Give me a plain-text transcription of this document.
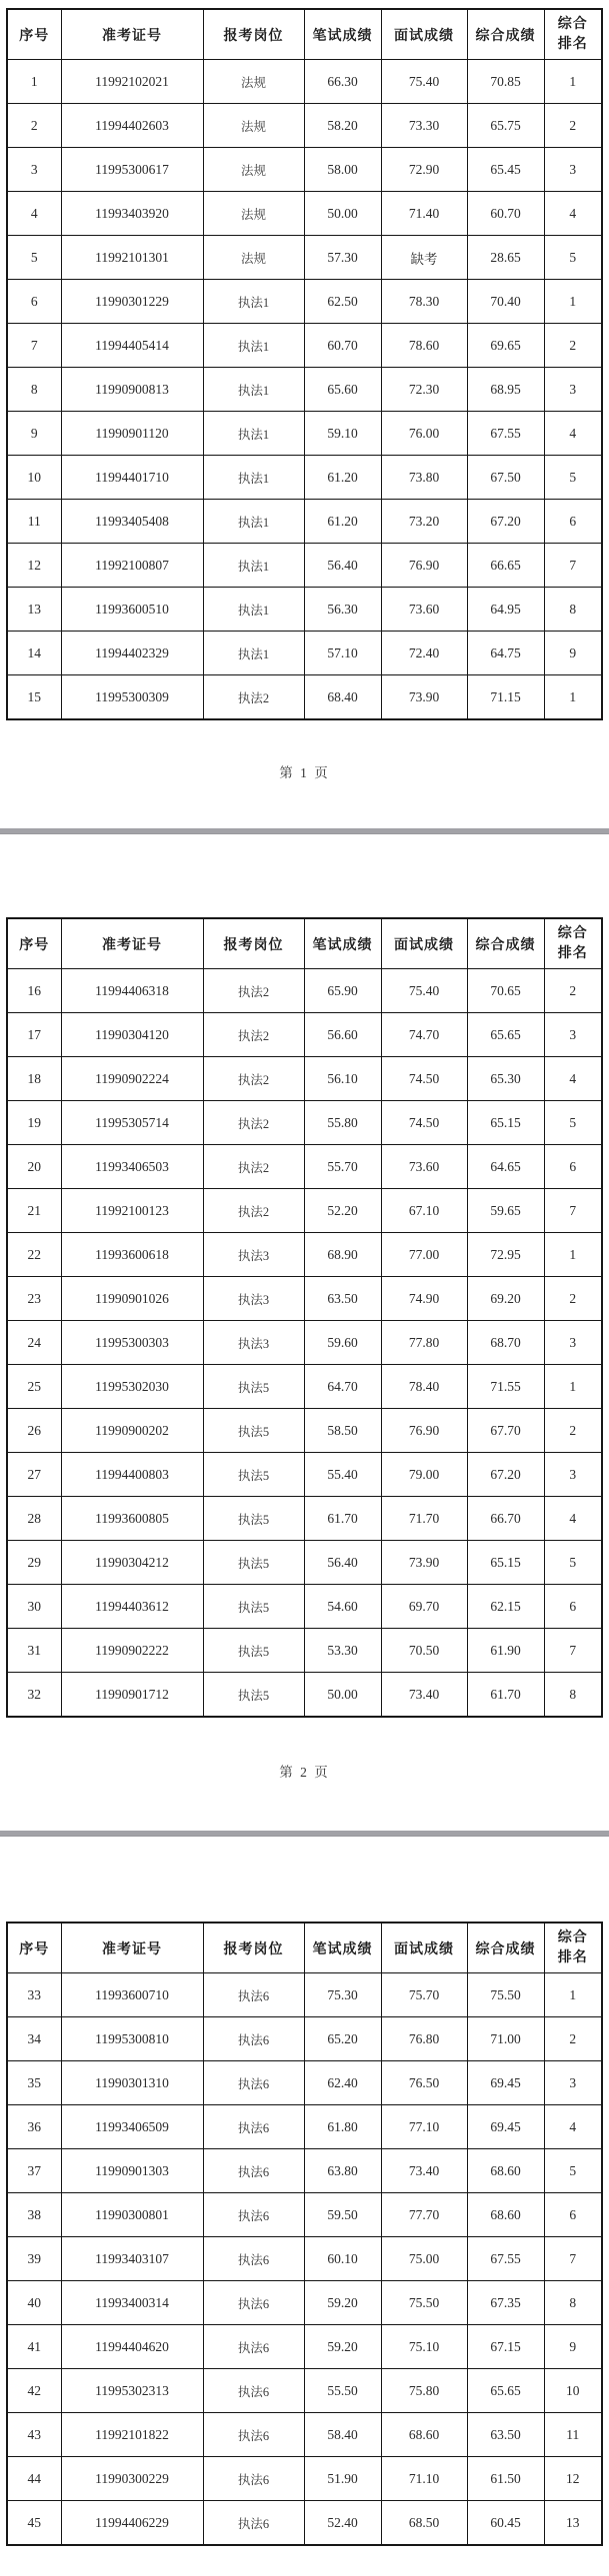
序号	准考证号	报考岗位	笔试成绩	面试成绩	综合成绩	综合排名
1	11992102021	法规	66.30	75.40	70.85	1
2	11994402603	法规	58.20	73.30	65.75	2
3	11995300617	法规	58.00	72.90	65.45	3
4	11993403920	法规	50.00	71.40	60.70	4
5	11992101301	法规	57.30	缺考	28.65	5
6	11990301229	执法1	62.50	78.30	70.40	1
7	11994405414	执法1	60.70	78.60	69.65	2
8	11990900813	执法1	65.60	72.30	68.95	3
9	11990901120	执法1	59.10	76.00	67.55	4
10	11994401710	执法1	61.20	73.80	67.50	5
11	11993405408	执法1	61.20	73.20	67.20	6
12	11992100807	执法1	56.40	76.90	66.65	7
13	11993600510	执法1	56.30	73.60	64.95	8
14	11994402329	执法1	57.10	72.40	64.75	9
15	11995300309	执法2	68.40	73.90	71.15	1
第 1 页
序号	准考证号	报考岗位	笔试成绩	面试成绩	综合成绩	综合排名
16	11994406318	执法2	65.90	75.40	70.65	2
17	11990304120	执法2	56.60	74.70	65.65	3
18	11990902224	执法2	56.10	74.50	65.30	4
19	11995305714	执法2	55.80	74.50	65.15	5
20	11993406503	执法2	55.70	73.60	64.65	6
21	11992100123	执法2	52.20	67.10	59.65	7
22	11993600618	执法3	68.90	77.00	72.95	1
23	11990901026	执法3	63.50	74.90	69.20	2
24	11995300303	执法3	59.60	77.80	68.70	3
25	11995302030	执法5	64.70	78.40	71.55	1
26	11990900202	执法5	58.50	76.90	67.70	2
27	11994400803	执法5	55.40	79.00	67.20	3
28	11993600805	执法5	61.70	71.70	66.70	4
29	11990304212	执法5	56.40	73.90	65.15	5
30	11994403612	执法5	54.60	69.70	62.15	6
31	11990902222	执法5	53.30	70.50	61.90	7
32	11990901712	执法5	50.00	73.40	61.70	8
第 2 页
序号	准考证号	报考岗位	笔试成绩	面试成绩	综合成绩	综合排名
33	11993600710	执法6	75.30	75.70	75.50	1
34	11995300810	执法6	65.20	76.80	71.00	2
35	11990301310	执法6	62.40	76.50	69.45	3
36	11993406509	执法6	61.80	77.10	69.45	4
37	11990901303	执法6	63.80	73.40	68.60	5
38	11990300801	执法6	59.50	77.70	68.60	6
39	11993403107	执法6	60.10	75.00	67.55	7
40	11993400314	执法6	59.20	75.50	67.35	8
41	11994404620	执法6	59.20	75.10	67.15	9
42	11995302313	执法6	55.50	75.80	65.65	10
43	11992101822	执法6	58.40	68.60	63.50	11
44	11990300229	执法6	51.90	71.10	61.50	12
45	11994406229	执法6	52.40	68.50	60.45	13
